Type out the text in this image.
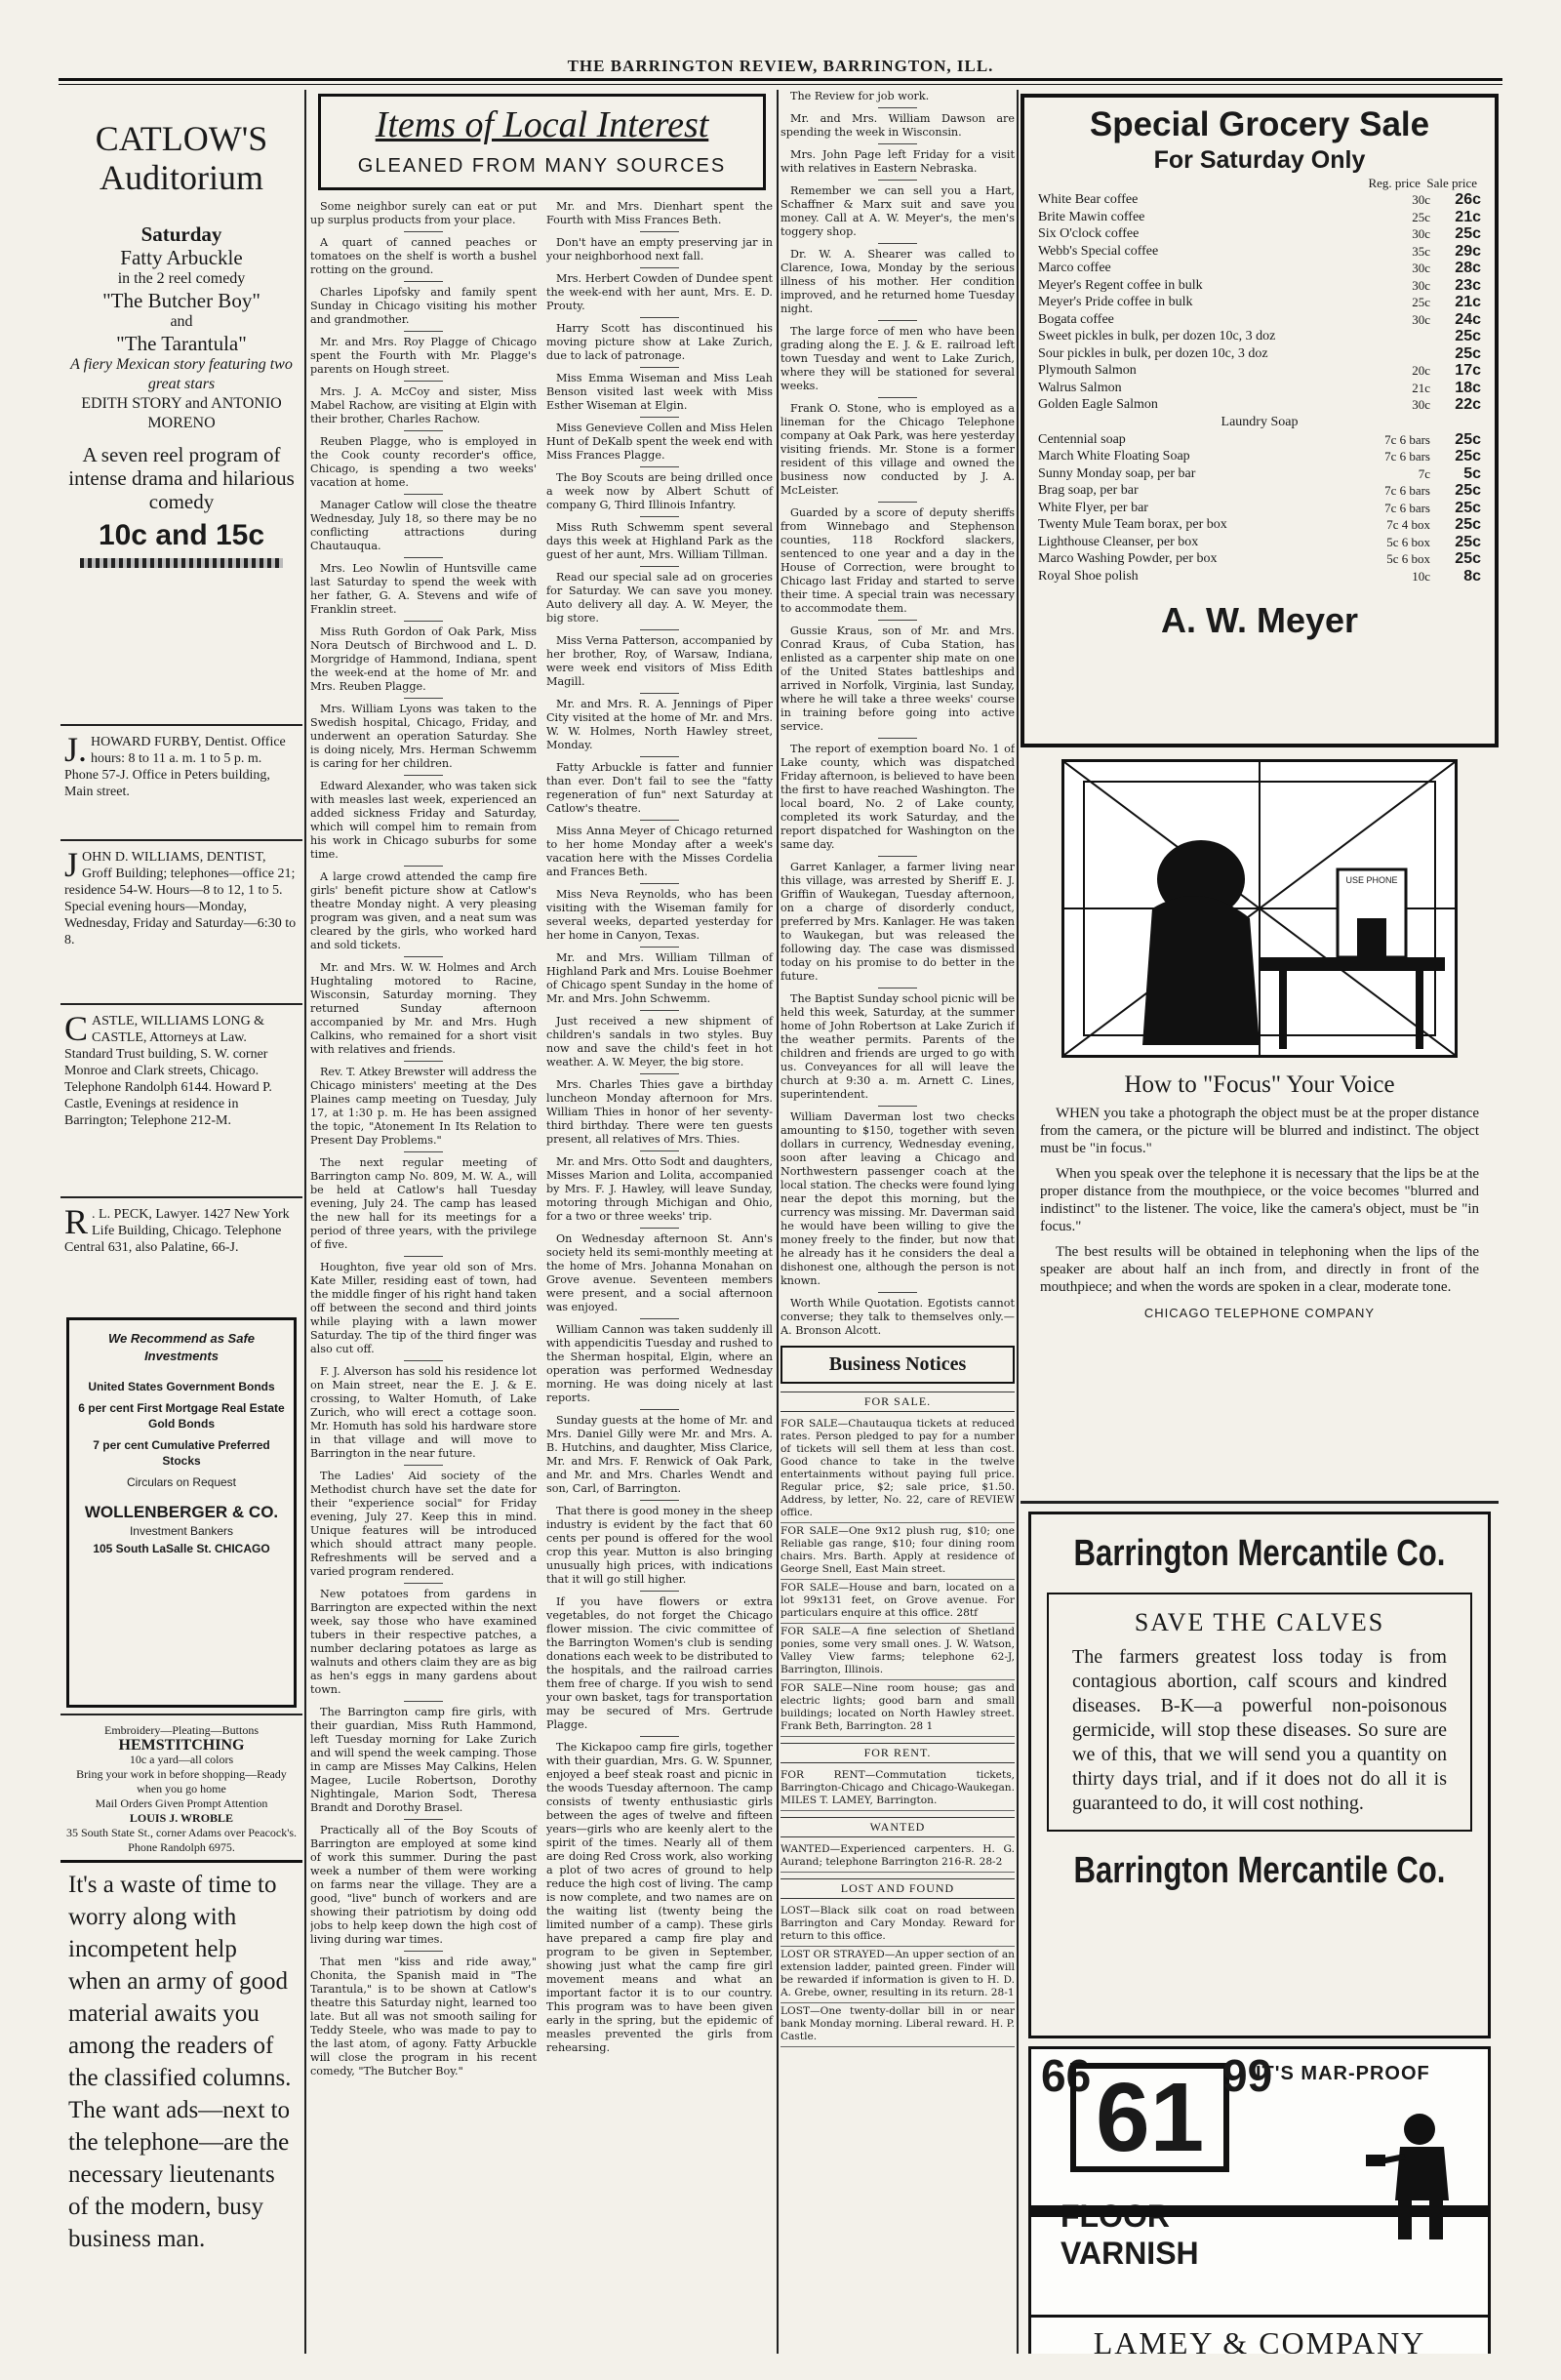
THE BARRINGTON REVIEW, BARRINGTON, ILL.
CATLOW'S
Auditorium
Saturday
Fatty Arbuckle
in the 2 reel comedy
"The Butcher Boy"
and
"The Tarantula"
A fiery Mexican story featuring two great stars
EDITH STORY and ANTONIO MORENO
A seven reel program of intense drama and hilarious comedy
10c and 15c
J. HOWARD FURBY, Dentist. Office hours: 8 to 11 a. m. 1 to 5 p. m. Phone 57-J. Office in Peters building, Main street.
J OHN D. WILLIAMS, DENTIST, Groff Building; telephones—office 21; residence 54-W. Hours—8 to 12, 1 to 5. Special evening hours—Monday, Wednesday, Friday and Saturday—6:30 to 8.
C ASTLE, WILLIAMS LONG & CASTLE, Attorneys at Law. Standard Trust building, S. W. corner Monroe and Clark streets, Chicago. Telephone Randolph 6144. Howard P. Castle, Evenings at residence in Barrington; Telephone 212-M.
R . L. PECK, Lawyer. 1427 New York Life Building, Chicago. Telephone Central 631, also Palatine, 66-J.
We Recommend as Safe Investments
United States Government Bonds
6 per cent First Mortgage Real Estate Gold Bonds
7 per cent Cumulative Preferred Stocks
Circulars on Request
WOLLENBERGER & CO.
Investment Bankers
105 South LaSalle St. CHICAGO
Embroidery—Pleating—Buttons
HEMSTITCHING
10c a yard—all colors
Bring your work in before shopping—Ready when you go home
Mail Orders Given Prompt Attention
LOUIS J. WROBLE
35 South State St., corner Adams over Peacock's. Phone Randolph 6975.
It's a waste of time to worry along with incompetent help when an army of good material awaits you among the readers of the classified columns.
The want ads—next to the telephone—are the necessary lieutenants of the modern, busy business man.
Items of Local Interest
GLEANED FROM MANY SOURCES

Some neighbor surely can eat or put up surplus products from your place.

A quart of canned peaches or tomatoes on the shelf is worth a bushel rotting on the ground.

Charles Lipofsky and family spent Sunday in Chicago visiting his mother and grandmother.

Mr. and Mrs. Roy Plagge of Chicago spent the Fourth with Mr. Plagge's parents on Hough street.

Mrs. J. A. McCoy and sister, Miss Mabel Rachow, are visiting at Elgin with their brother, Charles Rachow.

Reuben Plagge, who is employed in the Cook county recorder's office, Chicago, is spending a two weeks' vacation at home.

Manager Catlow will close the theatre Wednesday, July 18, so there may be no conflicting attractions during Chautauqua.

Mrs. Leo Nowlin of Huntsville came last Saturday to spend the week with her father, G. A. Stevens and wife of Franklin street.

Miss Ruth Gordon of Oak Park, Miss Nora Deutsch of Birchwood and L. D. Morgridge of Hammond, Indiana, spent the week-end at the home of Mr. and Mrs. Reuben Plagge.

Mrs. William Lyons was taken to the Swedish hospital, Chicago, Friday, and underwent an operation Saturday. She is doing nicely, Mrs. Herman Schwemm is caring for her children.

Edward Alexander, who was taken sick with measles last week, experienced an added sickness Friday and Saturday, which will compel him to remain from his work in Chicago suburbs for some time.

A large crowd attended the camp fire girls' benefit picture show at Catlow's theatre Monday night. A very pleasing program was given, and a neat sum was cleared by the girls, who worked hard and sold tickets.

Mr. and Mrs. W. W. Holmes and Arch Hughtaling motored to Racine, Wisconsin, Saturday morning. They returned Sunday afternoon accompanied by Mr. and Mrs. Hugh Calkins, who remained for a short visit with relatives and friends.

Rev. T. Atkey Brewster will address the Chicago ministers' meeting at the Des Plaines camp meeting on Tuesday, July 17, at 1:30 p. m. He has been assigned the topic, "Atonement In Its Relation to Present Day Problems."

The next regular meeting of Barrington camp No. 809, M. W. A., will be held at Catlow's hall Tuesday evening, July 24. The camp has leased the new hall for its meetings for a period of three years, with the privilege of five.

Houghton, five year old son of Mrs. Kate Miller, residing east of town, had the middle finger of his right hand taken off between the second and third joints while playing with a lawn mower Saturday. The tip of the third finger was also cut off.

F. J. Alverson has sold his residence lot on Main street, near the E. J. & E. crossing, to Walter Homuth, of Lake Zurich, who will erect a cottage soon. Mr. Homuth has sold his hardware store in that village and will move to Barrington in the near future.

The Ladies' Aid society of the Methodist church have set the date for their "experience social" for Friday evening, July 27. Keep this in mind. Unique features will be introduced which should attract many people. Refreshments will be served and a varied program rendered.

New potatoes from gardens in Barrington are expected within the next week, say those who have examined tubers in their respective patches, a number declaring potatoes as large as walnuts and others claim they are as big as hen's eggs in many gardens about town.

The Barrington camp fire girls, with their guardian, Miss Ruth Hammond, left Tuesday morning for Lake Zurich and will spend the week camping. Those in camp are Misses May Calkins, Helen Magee, Lucile Robertson, Dorothy Nightingale, Marion Sodt, Theresa Brandt and Dorothy Brasel.

Practically all of the Boy Scouts of Barrington are employed at some kind of work this summer. During the past week a number of them were working on farms near the village. They are a good, "live" bunch of workers and are showing their patriotism by doing odd jobs to help keep down the high cost of living during war times.

That men "kiss and ride away," Chonita, the Spanish maid in "The Tarantula," is to be shown at Catlow's theatre this Saturday night, learned too late. But all was not smooth sailing for Teddy Steele, who was made to pay to the last atom, of agony. Fatty Arbuckle will close the program in his recent comedy, "The Butcher Boy."

Mr. and Mrs. Dienhart spent the Fourth with Miss Frances Beth.

Don't have an empty preserving jar in your neighborhood next fall.

Mrs. Herbert Cowden of Dundee spent the week-end with her aunt, Mrs. E. D. Prouty.

Harry Scott has discontinued his moving picture show at Lake Zurich, due to lack of patronage.

Miss Emma Wiseman and Miss Leah Benson visited last week with Miss Esther Wiseman at Elgin.

Miss Genevieve Collen and Miss Helen Hunt of DeKalb spent the week end with Miss Frances Plagge.

The Boy Scouts are being drilled once a week now by Albert Schutt of company G, Third Illinois Infantry.

Miss Ruth Schwemm spent several days this week at Highland Park as the guest of her aunt, Mrs. William Tillman.

Read our special sale ad on groceries for Saturday. We can save you money. Auto delivery all day. A. W. Meyer, the big store.

Miss Verna Patterson, accompanied by her brother, Roy, of Warsaw, Indiana, were week end visitors of Miss Edith Magill.

Mr. and Mrs. R. A. Jennings of Piper City visited at the home of Mr. and Mrs. W. W. Holmes, North Hawley street, Monday.

Fatty Arbuckle is fatter and funnier than ever. Don't fail to see the "fatty regeneration of fun" next Saturday at Catlow's theatre.

Miss Anna Meyer of Chicago returned to her home Monday after a week's vacation here with the Misses Cordelia and Frances Beth.

Miss Neva Reynolds, who has been visiting with the Wiseman family for several weeks, departed yesterday for her home in Canyon, Texas.

Mr. and Mrs. William Tillman of Highland Park and Mrs. Louise Boehmer of Chicago spent Sunday in the home of Mr. and Mrs. John Schwemm.

Just received a new shipment of children's sandals in two styles. Buy now and save the child's feet in hot weather. A. W. Meyer, the big store.

Mrs. Charles Thies gave a birthday luncheon Monday afternoon for Mrs. William Thies in honor of her seventy-third birthday. There were ten guests present, all relatives of Mrs. Thies.

Mr. and Mrs. Otto Sodt and daughters, Misses Marion and Lolita, accompanied by Mrs. F. J. Hawley, will leave Sunday, motoring through Michigan and Ohio, for a two or three weeks' trip.

On Wednesday afternoon St. Ann's society held its semi-monthly meeting at the home of Mrs. Johanna Monahan on Grove avenue. Seventeen members were present, and a social afternoon was enjoyed.

William Cannon was taken suddenly ill with appendicitis Tuesday and rushed to the Sherman hospital, Elgin, where an operation was performed Wednesday morning. He was doing nicely at last reports.

Sunday guests at the home of Mr. and Mrs. Daniel Gilly were Mr. and Mrs. A. B. Hutchins, and daughter, Miss Clarice, Mr. and Mrs. F. Renwick of Oak Park, and Mr. and Mrs. Charles Wendt and son, Carl, of Barrington.

That there is good money in the sheep industry is evident by the fact that 60 cents per pound is offered for the wool crop this year. Mutton is also bringing unusually high prices, with indications that it will go still higher.

If you have flowers or extra vegetables, do not forget the Chicago flower mission. The civic committee of the Barrington Women's club is sending donations each week to be distributed to the hospitals, and the railroad carries them free of charge. If you wish to send your own basket, tags for transportation may be secured of Mrs. Gertrude Plagge.

The Kickapoo camp fire girls, together with their guardian, Mrs. G. W. Spunner, enjoyed a beef steak roast and picnic in the woods Tuesday afternoon. The camp consists of twenty enthusiastic girls between the ages of twelve and fifteen years—girls who are keenly alert to the spirit of the times. Nearly all of them are doing Red Cross work, also working a plot of two acres of ground to help reduce the high cost of living. The camp is now complete, and two names are on the waiting list (twenty being the limited number of a camp). These girls have prepared a camp fire play and program to be given in September, showing just what the camp fire girl movement means and what an important factor it is to our country. This program was to have been given early in the spring, but the epidemic of measles prevented the girls from rehearsing.

The Review for job work.

Mr. and Mrs. William Dawson are spending the week in Wisconsin.

Mrs. John Page left Friday for a visit with relatives in Eastern Nebraska.

Remember we can sell you a Hart, Schaffner & Marx suit and save you money. Call at A. W. Meyer's, the men's toggery shop.

Dr. W. A. Shearer was called to Clarence, Iowa, Monday by the serious illness of his mother. Her condition improved, and he returned home Tuesday night.

The large force of men who have been grading along the E. J. & E. railroad left town Tuesday and went to Lake Zurich, where they will be stationed for several weeks.

Frank O. Stone, who is employed as a lineman for the Chicago Telephone company at Oak Park, was here yesterday visiting friends. Mr. Stone is a former resident of this village and owned the business now conducted by J. A. McLeister.

Guarded by a score of deputy sheriffs from Winnebago and Stephenson counties, 118 Rockford slackers, sentenced to one year and a day in the House of Correction, were brought to Chicago last Friday and started to serve their time. A special train was necessary to accommodate them.

Gussie Kraus, son of Mr. and Mrs. Conrad Kraus, of Cuba Station, has enlisted as a carpenter ship mate on one of the United States battleships and arrived in Norfolk, Virginia, last Sunday, where he will take a three weeks' course in training before going into active service.

The report of exemption board No. 1 of Lake county, which was dispatched Friday afternoon, is believed to have been the first to have reached Washington. The local board, No. 2 of Lake county, completed its work Saturday, and the report dispatched for Washington on the same day.

Garret Kanlager, a farmer living near this village, was arrested by Sheriff E. J. Griffin of Waukegan, Tuesday afternoon, on a charge of disorderly conduct, preferred by Mrs. Kanlager. He was taken to Waukegan, but was released the following day. The case was dismissed today on his promise to do better in the future.

The Baptist Sunday school picnic will be held this week, Saturday, at the summer home of John Robertson at Lake Zurich if the weather permits. Parents of the children and friends are urged to go with us. Conveyances for all will leave the church at 9:30 a. m. Arnett C. Lines, superintendent.

William Daverman lost two checks amounting to $150, together with seven dollars in currency, Wednesday evening, soon after leaving a Chicago and Northwestern passenger coach at the local station. The checks were found lying near the depot this morning, but the currency was missing. Mr. Daverman said he would have been willing to give the money freely to the finder, but now that he already has it he considers the deal a dishonest one, although the person is not known.

Worth While Quotation. Egotists cannot converse; they talk to themselves only.—A. Bronson Alcott.

Business Notices
FOR SALE.
FOR SALE—Chautauqua tickets at reduced rates. Person pledged to pay for a number of tickets will sell them at less than cost. Good chance to take in the twelve entertainments without paying full price. Regular price, $2; sale price, $1.50. Address, by letter, No. 22, care of REVIEW office.
FOR SALE—One 9x12 plush rug, $10; one Reliable gas range, $10; four dining room chairs. Mrs. Barth. Apply at residence of George Snell, East Main street.
FOR SALE—House and barn, located on a lot 99x131 feet, on Grove avenue. For particulars enquire at this office. 28tf
FOR SALE—A fine selection of Shetland ponies, some very small ones. J. W. Watson, Valley View farms; telephone 62-J, Barrington, Illinois.
FOR SALE—Nine room house; gas and electric lights; good barn and small buildings; located on North Hawley street. Frank Beth, Barrington. 28 1
FOR RENT.
FOR RENT—Commutation tickets, Barrington-Chicago and Chicago-Waukegan. MILES T. LAMEY, Barrington.
WANTED
WANTED—Experienced carpenters. H. G. Aurand; telephone Barrington 216-R. 28-2
LOST AND FOUND
LOST—Black silk coat on road between Barrington and Cary Monday. Reward for return to this office.
LOST OR STRAYED—An upper section of an extension ladder, painted green. Finder will be rewarded if information is given to H. D. A. Grebe, owner, resulting in its return. 28-1
LOST—One twenty-dollar bill in or near bank Monday morning. Liberal reward. H. P. Castle.
Special Grocery Sale
For Saturday Only
Reg. price Sale price
White Bear coffee	30c	26c
Brite Mawin coffee	25c	21c
Six O'clock coffee	30c	25c
Webb's Special coffee	35c	29c
Marco coffee	30c	28c
Meyer's Regent coffee in bulk	30c	23c
Meyer's Pride coffee in bulk	25c	21c
Bogata coffee	30c	24c
Sweet pickles in bulk, per dozen 10c, 3 doz		25c
Sour pickles in bulk, per dozen 10c, 3 doz		25c
Plymouth Salmon	20c	17c
Walrus Salmon	21c	18c
Golden Eagle Salmon	30c	22c
Laundry Soap
Centennial soap	7c 6 bars	25c
March White Floating Soap	7c 6 bars	25c
Sunny Monday soap, per bar	7c	5c
Brag soap, per bar	7c 6 bars	25c
White Flyer, per bar	7c 6 bars	25c
Twenty Mule Team borax, per box	7c 4 box	25c
Lighthouse Cleanser, per box	5c 6 box	25c
Marco Washing Powder, per box	5c 6 box	25c
Royal Shoe polish	10c	8c
A. W. Meyer
USE PHONE
How to "Focus" Your Voice

WHEN you take a photograph the object must be at the proper distance from the camera, or the picture will be blurred and indistinct. The object must be "in focus."

When you speak over the telephone it is necessary that the lips be at the proper distance from the mouthpiece, or the voice becomes "blurred and indistinct" to the listener. The voice, like the camera's object, must be "in focus."

The best results will be obtained in telephoning when the lips of the speaker are about half an inch from, and directly in front of the mouthpiece; and when the words are spoken in a clear, moderate tone.

CHICAGO TELEPHONE COMPANY
Barrington Mercantile Co.
SAVE THE CALVES
The farmers greatest loss today is from contagious abortion, calf scours and kindred diseases. B-K—a powerful non-poisonous germicide, will stop these diseases. So sure are we of this, that we will send you a quantity on thirty days trial, and if it does not do all it is guaranteed to do, it will cost nothing.
Barrington Mercantile Co.
66 61 99
IT'S MAR-PROOF
VARNISH
LAMEY & COMPANY
